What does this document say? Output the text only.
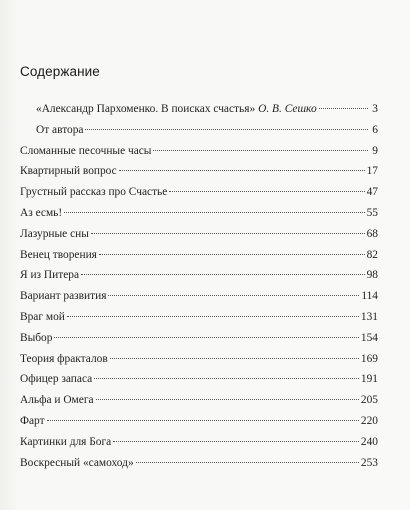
Содержание
«Александр Пархоменко. В поисках счастья» О. В. Сешко	3
От автора	6
Сломанные песочные часы	9
Квартирный вопрос	17
Грустный рассказ про Счастье	47
Аз есмь!	55
Лазурные сны	68
Венец творения	82
Я из Питера	98
Вариант развития	114
Враг мой	131
Выбор	154
Теория фракталов	169
Офицер запаса	191
Альфа и Омега	205
Фарт	220
Картинки для Бога	240
Воскресный «самоход»	253
